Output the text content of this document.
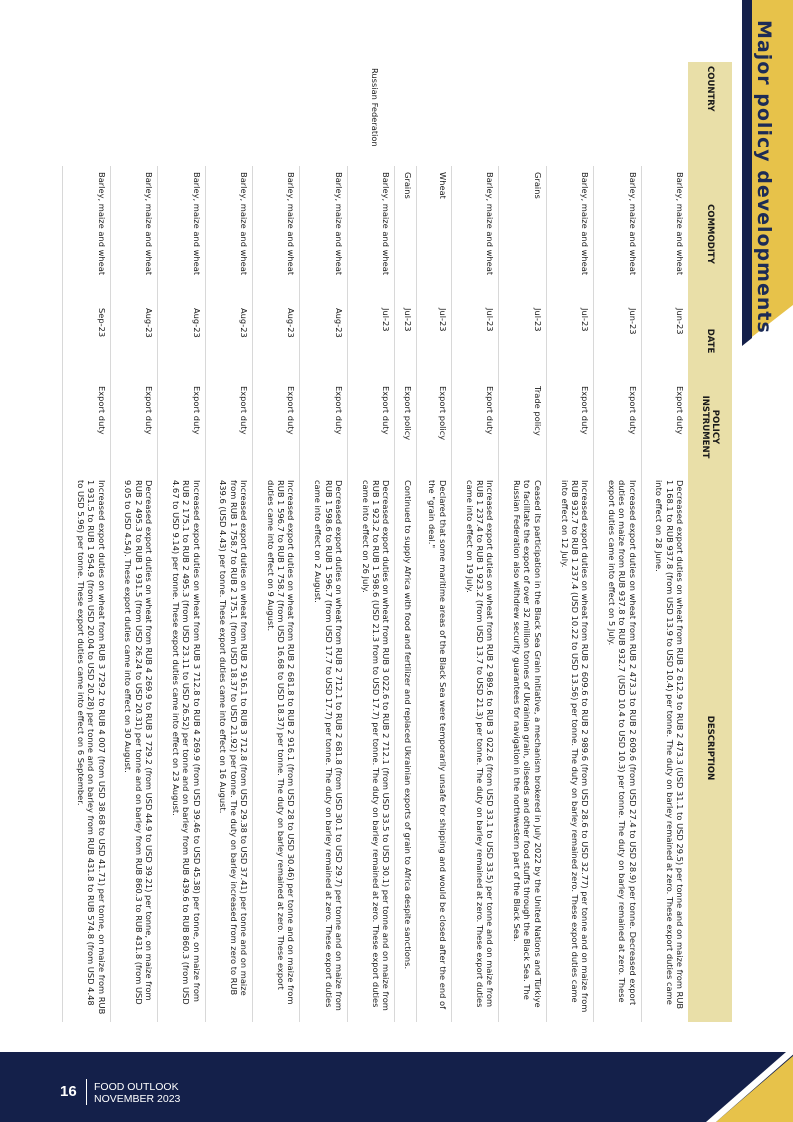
Major policy developments
16	FOOD OUTLOOK
NOVEMBER 2023
COUNTRY	COMMODITY	DATE	POLICY INSTRUMENT	DESCRIPTION
Russian Federation	Barley, maize and wheat	Jun-23	Export duty	Decreased export duties on wheat from RUB 2 612.9 to RUB 2 473.3 (USD 31.1 to USD 29.5) per tonne and on maize from RUB 1 168.1 to RUB 937.8 (from USD 13.9 to USD 10.4) per tonne. The duty on barley remained at zero. These export duties came into effect on 28 June.
	Barley, maize and wheat	Jun-23	Export duty	Increased export duties on wheat from RUB 2 473.3 to RUB 2 609.6 (from USD 27.4 to USD 28.9) per tonne. Decreased export duties on maize from RUB 937.8 to RUB 932.7 (USD 10.4 to USD 10.3) per tonne. The duty on barley remained at zero. These export duties came into effect on 5 July.
	Barley, maize and wheat	Jul-23	Export duty	Increased export duties on wheat from RUB 2 609.6 to RUB 2 989.6 (from USD 28.6 to USD 32.77) per tonne and on maize from RUB 932.7 to RUB 1 237.4 (USD 10.22 to USD 13.56) per tonne. The duty on barley remained zero. These export duties came into effect on 12 July.
	Grains	Jul-23	Trade policy	Ceased its participation in the Black Sea Grain Initiative, a mechanism brokered in July 2022 by the United Nations and Türkiye to facilitate the export of over 32 million tonnes of Ukrainian grain, oilseeds and other food stuffs through the Black Sea. The Russian Federation also withdrew security guarantees for navigation in the northwestern part of the Black Sea.
	Barley, maize and wheat	Jul-23	Export duty	Increased export duties on wheat from RUB 2 989.6 to RUB 3 022.6 (from USD 33.1 to USD 33.5) per tonne and on maize from RUB 1 237.4 to RUB 1 923.2 (from USD 13.7 to USD 21.3) per tonne. The duty on barley remained at zero. These export duties came into effect on 19 July.
	Wheat	Jul-23	Export policy	Declared that some maritime areas of the Black Sea were temporarily unsafe for shipping and would be closed after the end of the "grain deal."
	Grains	Jul-23	Export policy	Continued to supply Africa with food and fertilizer and replaced Ukrainian exports of grain to Africa despite sanctions.
	Barley, maize and wheat	Jul-23	Export duty	Decreased export duties on wheat from RUB 3 022.6 to RUB 2 712.1 (from USD 33.5 to USD 30.1) per tonne and on maize from RUB 1 923.2 to RUB 1 598.6 (USD 21.3 from to USD 17.7) per tonne. The duty on barley remained at zero. These export duties came into effect on 26 July.
	Barley, maize and wheat	Aug-23	Export duty	Decreased export duties on wheat from RUB 2 712.1 to RUB 2 681.8 (from USD 30.1 to USD 29.7) per tonne and on maize from RUB 1 598.6 to RUB 1 596.7 (from USD 17.7 to USD 17.7) per tonne. The duty on barley remained at zero. These export duties came into effect on 2 August.
	Barley, maize and wheat	Aug-23	Export duty	Increased export duties on wheat from RUB 2 681.8 to RUB 2 916.1 (from USD 28 to USD 30.46) per tonne and on maize from RUB 1 596.7 to RUB 1 758.7 (from USD 16.68 to USD 18.37) per tonne. The duty on barley remained at zero. These export duties came into effect on 9 August.
	Barley, maize and wheat	Aug-23	Export duty	Increased export duties on wheat from RUB 2 916.1 to RUB 3 712.8 (from USD 29.38 to USD 37.41) per tonne and on maize from RUB 1 758.7 to RUB 2 175.1 (from USD 18.37 to USD 21.92) per tonne. The duty on barley increased from zero to RUB 439.6 (USD 4.43) per tonne. These export duties came into effect on 16 August.
	Barley, maize and wheat	Aug-23	Export duty	Increased export duties on wheat from RUB 3 712.8 to RUB 4 269.9 (from USD 39.46 to USD 45.38) per tonne, on maize from RUB 2 175.1 to RUB 2 495.3 (from USD 23.11 to USD 26.52) per tonne and on barley from RUB 439.6 to RUB 860.3 (from USD 4.67 to USD 9.14) per tonne. These export duties came into effect on 23 August.
	Barley, maize and wheat	Aug-23	Export duty	Decreased export duties on wheat from RUB 4 269.9 to RUB 3 729.2 (from USD 44.9 to USD 39.21) per tonne, on maize from RUB 2 495.3 to RUB 1 931.5 (from USD 26.24 to USD 20.31) per tonne and on barley from RUB 860.3 to RUB 431.8 (from USD 9.05 to USD 4.54). These export duties came into effect on 30 August.
	Barley, maize and wheat	Sep-23	Export duty	Increased export duties on wheat from RUB 3 729.2 to RUB 4 007 (from USD 38.68 to USD 41.71) per tonne, on maize from RUB 1 931.5 to RUB 1 954.9 (from USD 20.04 to USD 20.28) per tonne and on barley from RUB 431.8 to RUB 574.8 (from USD 4.48 to USD 5.96) per tonne. These export duties came into effect on 6 September.
